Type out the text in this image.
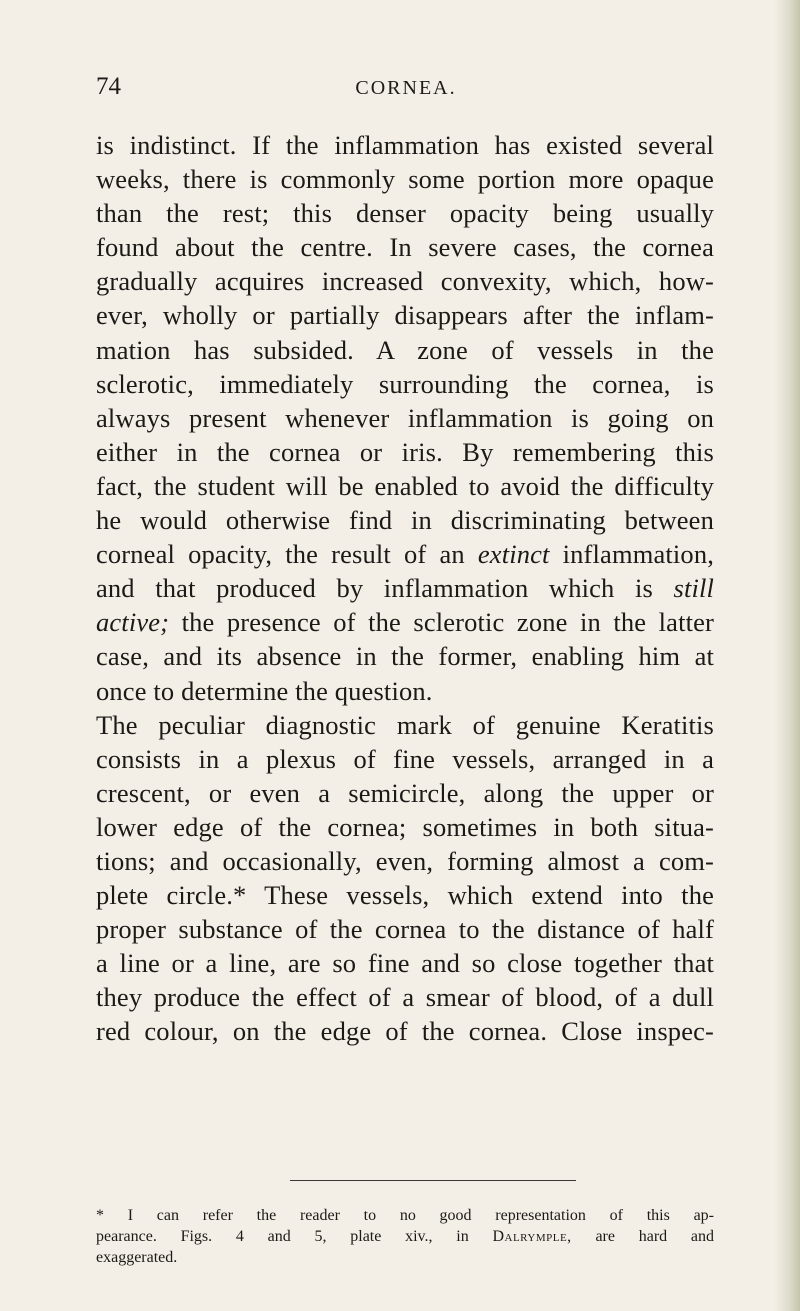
74	CORNEA.
is indistinct. If the inflammation has existed several
weeks, there is commonly some portion more opaque
than the rest; this denser opacity being usually
found about the centre. In severe cases, the cornea
gradually acquires increased convexity, which, how-
ever, wholly or partially disappears after the inflam-
mation has subsided. A zone of vessels in the
sclerotic, immediately surrounding the cornea, is
always present whenever inflammation is going on
either in the cornea or iris. By remembering this
fact, the student will be enabled to avoid the difficulty
he would otherwise find in discriminating between
corneal opacity, the result of an extinct inflammation,
and that produced by inflammation which is still
active; the presence of the sclerotic zone in the latter
case, and its absence in the former, enabling him at
once to determine the question.
The peculiar diagnostic mark of genuine Keratitis
consists in a plexus of fine vessels, arranged in a
crescent, or even a semicircle, along the upper or
lower edge of the cornea; sometimes in both situa-
tions; and occasionally, even, forming almost a com-
plete circle.* These vessels, which extend into the
proper substance of the cornea to the distance of half
a line or a line, are so fine and so close together that
they produce the effect of a smear of blood, of a dull
red colour, on the edge of the cornea. Close inspec-
* I can refer the reader to no good representation of this ap-
pearance. Figs. 4 and 5, plate xiv., in Dalrymple, are hard and
exaggerated.
